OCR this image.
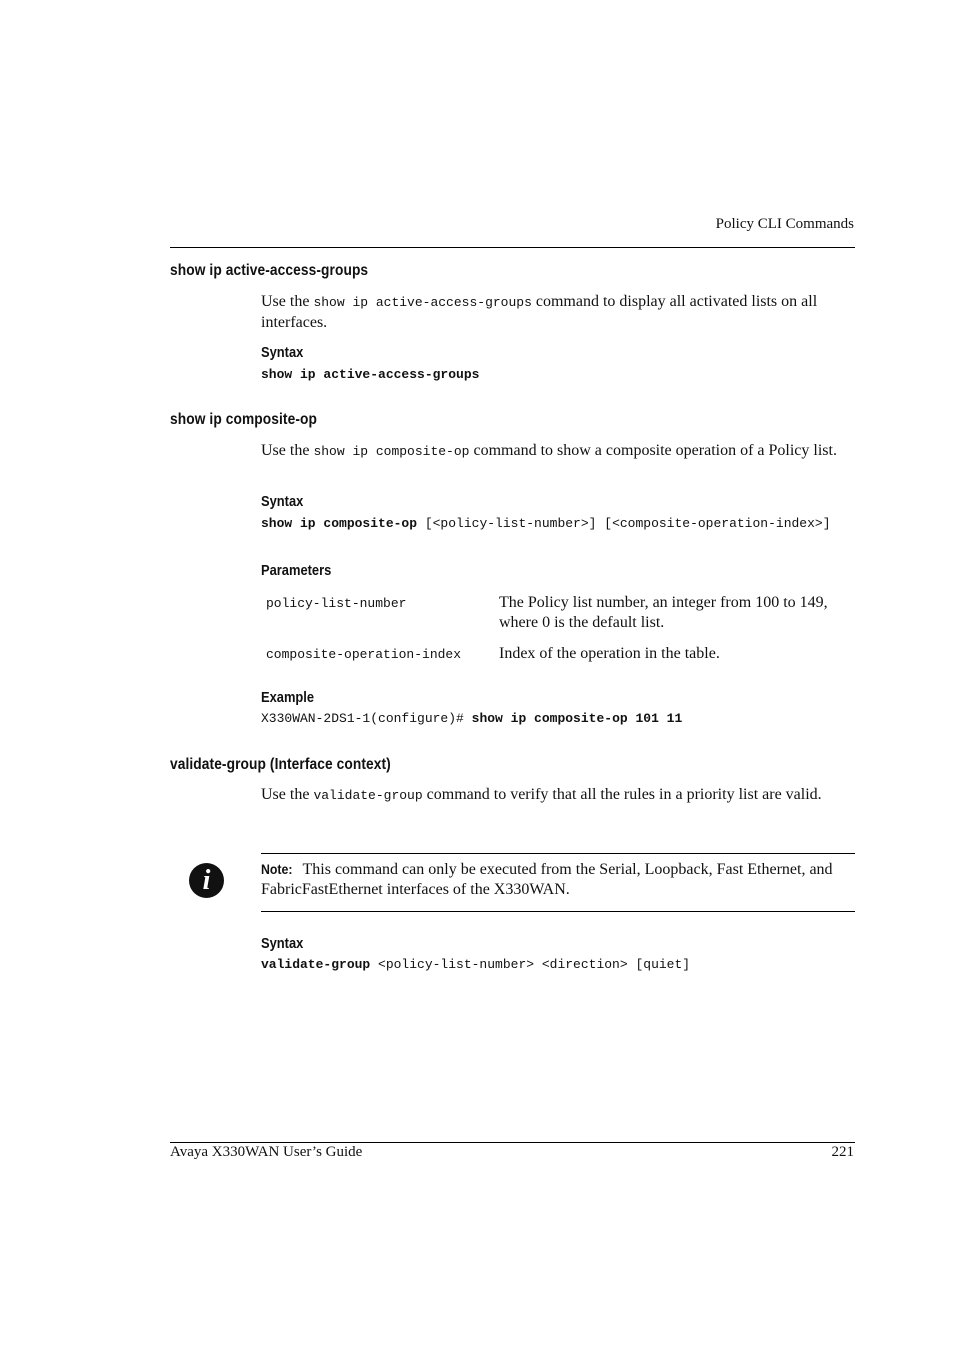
Policy CLI Commands
show ip active-access-groups
Use the show ip active-access-groups command to display all activated lists on all interfaces.
Syntax
show ip active-access-groups
show ip composite-op
Use the show ip composite-op command to show a composite operation of a Policy list.
Syntax
show ip composite-op [<policy-list-number>] [<composite-operation-index>]
Parameters
policy-list-number	The Policy list number, an integer from 100 to 149, where 0 is the default list.
composite-operation-index Index of the operation in the table.
Example
X330WAN-2DS1-1(configure)# show ip composite-op 101 11
validate-group (Interface context)
Use the validate-group command to verify that all the rules in a priority list are valid.
i	Note: This command can only be executed from the Serial, Loopback, Fast Ethernet, and FabricFastEthernet interfaces of the X330WAN.
Syntax
validate-group <policy-list-number> <direction> [quiet]
Avaya X330WAN User’s Guide	221
